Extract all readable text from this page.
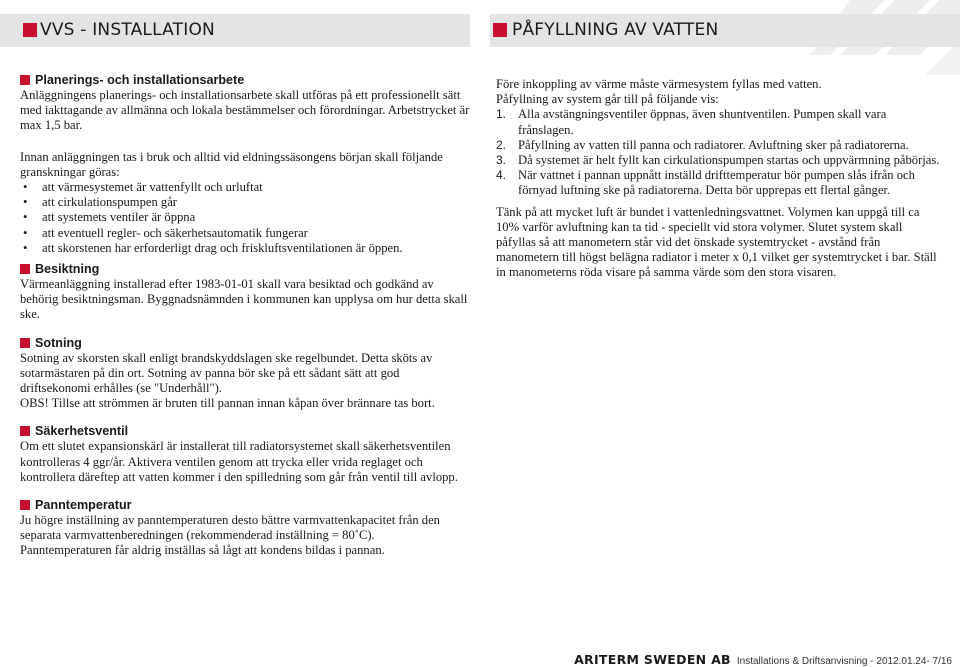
VVS - INSTALLATION	PÅFYLLNING AV VATTEN
Planerings- och installationsarbete

Anläggningens planerings- och installationsarbete skall utföras på ett professionellt sätt med iakttagande av allmänna och lokala bestämmelser och förordningar. Arbetstrycket är max 1,5 bar.

Innan anläggningen tas i bruk och alltid vid eldningssäsongens början skall följande granskningar göras:

• att värmesystemet är vattenfyllt och urluftat
• att cirkulationspumpen går
• att systemets ventiler är öppna
• att eventuell regler- och säkerhetsautomatik fungerar
• att skorstenen har erforderligt drag och friskluftsventilationen är öppen.
Besiktning

Värmeanläggning installerad efter 1983-01-01 skall vara besiktad och godkänd av behörig besiktningsman. Byggnadsnämnden i kommunen kan upplysa om hur detta skall ske.

Sotning

Sotning av skorsten skall enligt brandskyddslagen ske regelbundet. Detta sköts av sotarmästaren på din ort. Sotning av panna bör ske på ett sådant sätt att god driftsekonomi erhålles (se "Underhåll").

OBS! Tillse att strömmen är bruten till pannan innan kåpan över brännare tas bort.

Säkerhetsventil

Om ett slutet expansionskärl är installerat till radiatorsystemet skall säkerhetsventilen kontrolleras 4 ggr/år. Aktivera ventilen genom att trycka eller vrida reglaget och kontrollera däreftер att vatten kommer i den spilledning som går från ventil till avlopp.

Panntemperatur

Ju högre inställning av panntemperaturen desto bättre varmvattenkapacitet från den separata varmvattenberedningen (rekommenderad inställning = 80˚C).

Panntemperaturen får aldrig inställas så lågt att kondens bildas i pannan.

Före inkoppling av värme måste värmesystem fyllas med vatten.

Påfyllning av system går till på följande vis:

1. Alla avstängningsventiler öppnas, även shuntventilen. Pumpen skall vara frånslagen.
2. Påfyllning av vatten till panna och radiatorer. Avluftning sker på radiatorerna.
3. Då systemet är helt fyllt kan cirkulationspumpen startas och uppvärmning påbörjas.
4. När vattnet i pannan uppnått inställd drifttemperatur bör pumpen slås ifrån och förnyad luftning ske på radiatorerna. Detta bör upprepas ett flertal gånger.

Tänk på att mycket luft är bundet i vattenledningsvattnet. Volymen kan uppgå till ca 10% varför avluftning kan ta tid - speciellt vid stora volymer. Slutet system skall påfyllas så att manometern står vid det önskade systemtrycket - avstånd från manometern till högst belägna radiator i meter x 0,1 vilket ger systemtrycket i bar. Ställ in manometerns röda visare på samma värde som den stora visaren.

ARITERM SWEDEN AB Installations & Driftsanvisning - 2012.01.24- 7/16
